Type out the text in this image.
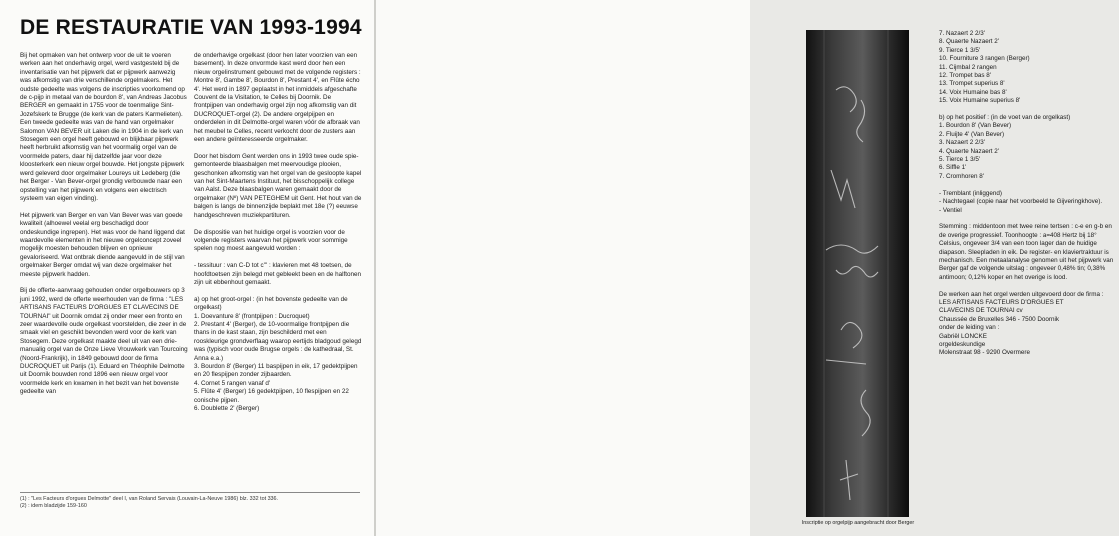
DE RESTAURATIE VAN 1993-1994

Bij het opmaken van het ontwerp voor de uit te voeren werken aan het onderhavig orgel, werd vastgesteld bij de inventarisatie van het pijpwerk dat er pijpwerk aanwezig was afkomstig van drie verschillende orgelmakers. Het oudste gedeelte was volgens de inscripties voorkomend op de c-pijp in metaal van de bourdon 8', van Andreas Jacobus BERGER en gemaakt in 1755 voor de toenmalige Sint-Jozefskerk te Brugge (de kerk van de paters Karmelieten). Een tweede gedeelte was van de hand van orgelmaker Salomon VAN BEVER uit Laken die in 1904 in de kerk van Stosegem een orgel heeft gebouwd en blijkbaar pijpwerk heeft herbruikt afkomstig van het voormalig orgel van de voormelde paters, daar hij datzelfde jaar voor deze kloosterkerk een nieuw orgel bouwde. Het jongste pijpwerk werd geleverd door orgelmaker Loureys uit Ledeberg (die het Berger - Van Bever-orgel grondig verbouwde naar een opstelling van het pijpwerk en volgens een electrisch systeem van eigen vinding).

Het pijpwerk van Berger en van Van Bever was van goede kwaliteit (alhoewel veelal erg beschadigd door ondeskundige ingrepen). Het was voor de hand liggend dat waardevolle elementen in het nieuwe orgelconcept zoveel mogelijk moesten behouden blijven en opnieuw gevaloriseerd. Wat ontbrak diende aangevuld in de stijl van orgelmaker Berger omdat wij van deze orgelmaker het meeste pijpwerk hadden.

Bij de offerte-aanvraag gehouden onder orgelbouwers op 3 juni 1992, werd de offerte weerhouden van de firma : "LES ARTISANS FACTEURS D'ORGUES ET CLAVECINS DE TOURNAI" uit Doornik omdat zij onder meer een fronto en zeer waardevolle oude orgelkast voorstelden, die zeer in de smaak viel en geschikt bevonden werd voor de kerk van Stosegem. Deze orgelkast maakte deel uit van een drie-manualig orgel van de Onze Lieve Vrouwkerk van Tourcoing (Noord-Frankrijk), in 1849 gebouwd door de firma DUCROQUET uit Parijs (1). Eduard en Théophile Delmotte uit Doornik bouwden rond 1896 een nieuw orgel voor voormelde kerk en kwamen in het bezit van het bovenste gedeelte van

de onderhavige orgelkast (door hen later voorzien van een basement). In deze onvormde kast werd door hen een nieuw orgelinstrument gebouwd met de volgende registers : Montre 8', Gambe 8', Bourdon 8', Prestant 4', en Flûte écho 4'. Het werd in 1897 geplaatst in het inmiddels afgeschafte Couvent de la Visitation, te Celles bij Doornik. De frontpijpen van onderhavig orgel zijn nog afkomstig van dit DUCROQUET-orgel (2). De andere orgelpijpen en onderdelen in dit Delmotte-orgel waren vóór de afbraak van het meubel te Celles, recent verkocht door de zusters aan een andere geïnteresseerde orgelmaker.

Door het bisdom Gent werden ons in 1993 twee oude spie-gemonteerde blaasbalgen met meervoudige plooien, geschonken afkomstig van het orgel van de gesloopte kapel van het Sint-Maartens Instituut, het bisschoppelijk college van Aalst. Deze blaasbalgen waren gemaakt door de orgelmaker (Nº) VAN PETEGHEM uit Gent. Het hout van de balgen is langs de binnenzijde beplakt met 18e (?) eeuwse handgeschreven muziekpartituren.

De dispositie van het huidige orgel is voorzien voor de volgende registers waarvan het pijpwerk voor sommige spelen nog moest aangevuld worden :

- tessituur : van C-D tot c''' : klavieren met 48 toetsen, de hoofdtoetsen zijn belegd met gebleekt been en de halftonen zijn uit ebbenhout gemaakt.

a) op het groot-orgel : (in het bovenste gedeelte van de orgelkast)
1. Doevanture 8' (frontpijpen : Ducroquet)
2. Prestant 4' (Berger), de 10-voormalige frontpijpen die thans in de kast staan, zijn beschilderd met een rooskleurige grondverflaag waarop eertijds bladgoud gelegd was (typisch voor oude Brugse orgels : de kathedraal, St. Anna e.a.)
3. Bourdon 8' (Berger) 11 baspijpen in eik, 17 gedektpijpen en 20 flespijpen zonder zijbaarden.
4. Cornet 5 rangen vanaf d'
5. Flûte 4' (Berger) 16 gedektpijpen, 10 flespijpen en 22 conische pijpen.
6. Doublette 2' (Berger)
(1) : "Les Facteurs d'orgues Delmotte" deel I, van Roland Servais (Louvain-La-Neuve 1986) blz. 332 tot 336.
(2) : idem bladzijde 159-160
Inscriptie op orgelpijp aangebracht door Berger
7. Nazaert 2 2/3'
8. Quaerte Nazaert 2'
9. Tierce 1 3/5'
10. Fourniture 3 rangen (Berger)
11. Cijmbal 2 rangen
12. Trompet bas 8'
13. Trompet superius 8'
14. Voix Humaine bas 8'
15. Voix Humaine superius 8'
b) op het positief : (in de voet van de orgelkast)
1. Bourdon 8' (Van Bever)
2. Fluijte 4' (Van Bever)
3. Nazaert 2 2/3'
4. Quaerte Nazaert 2'
5. Tierce 1 3/5'
6. Siffle 1'
7. Cromhoren 8'
- Tremblant (inliggend)
- Nachtegael (copie naar het voorbeeld te Gijveringkhove).
- Ventiel

Stemming : middentoon met twee reine tertsen : c-e en g-b en de overige progressief. Toonhoogte : a=408 Hertz bij 18° Celsius, ongeveer 3/4 van een toon lager dan de huidige diapason. Sleepladen in eik. De register- en klaviertraktuur is mechanisch. Een metaalanalyse genomen uit het pijpwerk van Berger gaf de volgende uitslag : ongeveer 0,48% tin; 0,38% antimoon; 0,12% koper en het overige is lood.

De werken aan het orgel werden uitgevoerd door de firma :
LES ARTISANS FACTEURS D'ORGUES ET
CLAVECINS DE TOURNAI cv
Chaussée de Bruxelles 346 - 7500 Doornik
onder de leiding van :
Gabriël LONCKE
orgeldeskundige
Molenstraat 98 - 9290 Overmere
